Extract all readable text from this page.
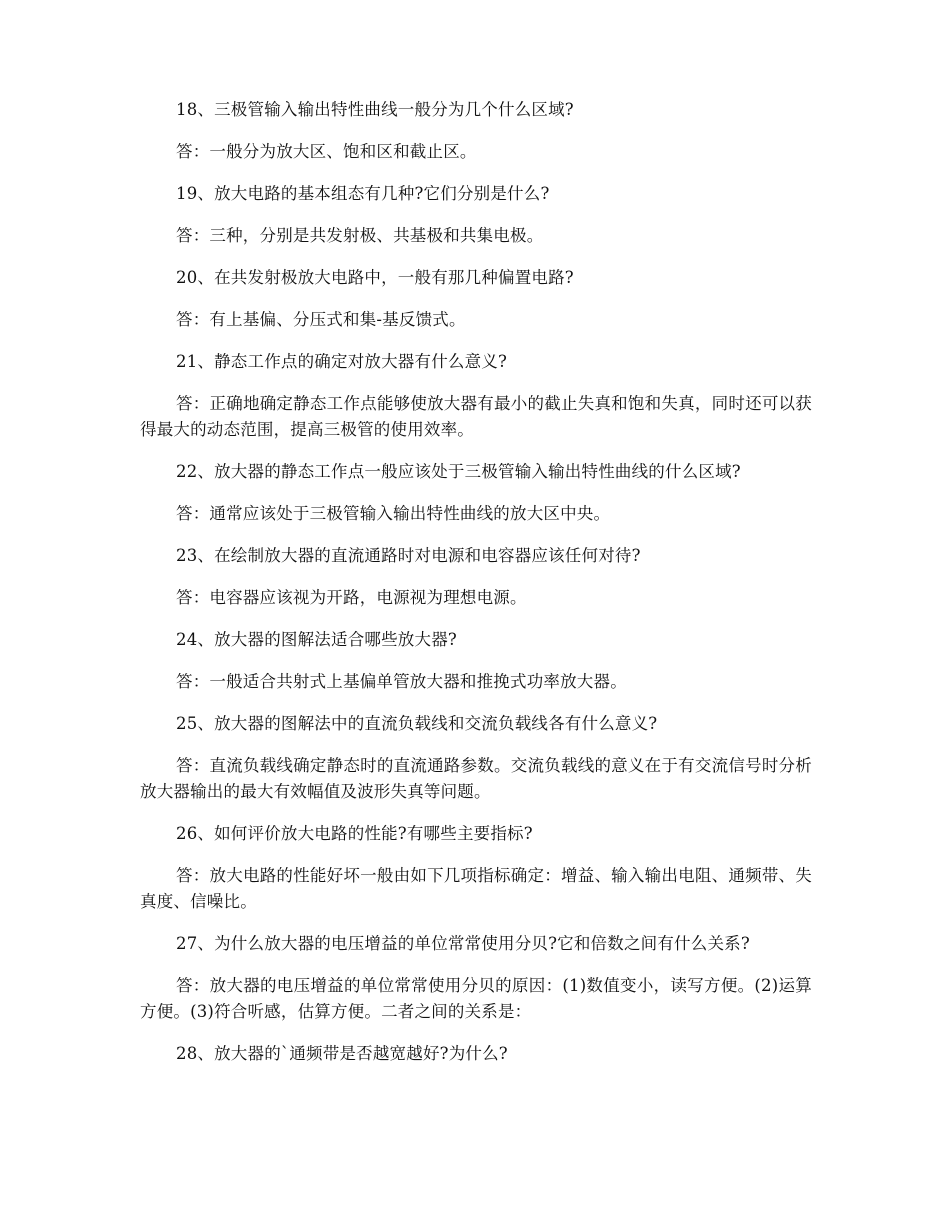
18、三极管输入输出特性曲线一般分为几个什么区域?

答：一般分为放大区、饱和区和截止区。

19、放大电路的基本组态有几种?它们分别是什么?

答：三种，分别是共发射极、共基极和共集电极。

20、在共发射极放大电路中，一般有那几种偏置电路?

答：有上基偏、分压式和集-基反馈式。

21、静态工作点的确定对放大器有什么意义?

答：正确地确定静态工作点能够使放大器有最小的截止失真和饱和失真，同时还可以获得最大的动态范围，提高三极管的使用效率。

22、放大器的静态工作点一般应该处于三极管输入输出特性曲线的什么区域?

答：通常应该处于三极管输入输出特性曲线的放大区中央。

23、在绘制放大器的直流通路时对电源和电容器应该任何对待?

答：电容器应该视为开路，电源视为理想电源。

24、放大器的图解法适合哪些放大器?

答：一般适合共射式上基偏单管放大器和推挽式功率放大器。

25、放大器的图解法中的直流负载线和交流负载线各有什么意义?

答：直流负载线确定静态时的直流通路参数。交流负载线的意义在于有交流信号时分析放大器输出的最大有效幅值及波形失真等问题。

26、如何评价放大电路的性能?有哪些主要指标?

答：放大电路的性能好坏一般由如下几项指标确定：增益、输入输出电阻、通频带、失真度、信噪比。

27、为什么放大器的电压增益的单位常常使用分贝?它和倍数之间有什么关系?

答：放大器的电压增益的单位常常使用分贝的原因：(1)数值变小，读写方便。(2)运算方便。(3)符合听感，估算方便。二者之间的关系是：

28、放大器的`通频带是否越宽越好?为什么?
